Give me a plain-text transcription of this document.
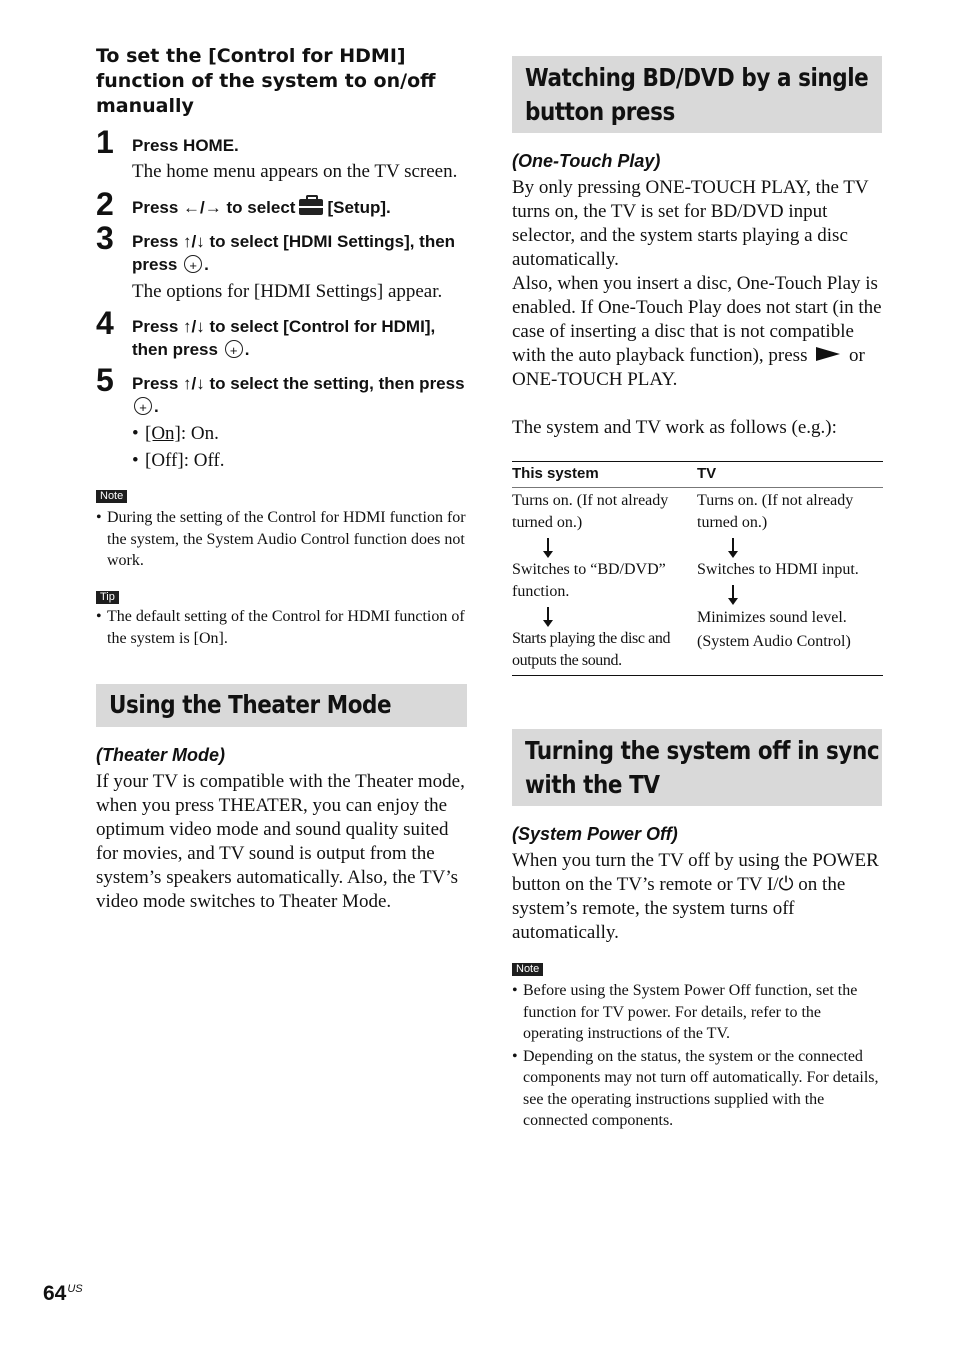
To set the [Control for HDMI] function of the system to on/off manually
1 Press HOME.
The home menu appears on the TV screen.
2 Press ←/→ to select [Setup].
3 Press ↑/↓ to select [HDMI Settings], then press + .
The options for [HDMI Settings] appear.
4 Press ↑/↓ to select [Control for HDMI], then press + .
5 Press ↑/↓ to select the setting, then press +.
• [On]: On.
• [Off]: Off.
Note
• During the setting of the Control for HDMI function for the system, the System Audio Control function does not work.
Tip
• The default setting of the Control for HDMI function of the system is [On].
Using the Theater Mode
(Theater Mode)
If your TV is compatible with the Theater mode, when you press THEATER, you can enjoy the optimum video mode and sound quality suited for movies, and TV sound is output from the system’s speakers automatically. Also, the TV’s video mode switches to Theater Mode.
Watching BD/DVD by a single button press
(One-Touch Play)
By only pressing ONE-TOUCH PLAY, the TV turns on, the TV is set for BD/DVD input selector, and the system starts playing a disc automatically.
Also, when you insert a disc, One-Touch Play is enabled. If One-Touch Play does not start (in the case of inserting a disc that is not compatible with the auto playback function), press or ONE-TOUCH PLAY.
The system and TV work as follows (e.g.):
This system	TV
Turns on. (If not already turned on.)
Switches to “BD/DVD” function.
Starts playing the disc and outputs the sound.
Turns on. (If not already turned on.)
Switches to HDMI input.
Minimizes sound level.
(System Audio Control)
Turning the system off in sync with the TV
(System Power Off)
When you turn the TV off by using the POWER button on the TV’s remote or TV I/⏻ on the system’s remote, the system turns off automatically.
Note
• Before using the System Power Off function, set the function for TV power. For details, refer to the operating instructions of the TV.
• Depending on the status, the system or the connected components may not turn off automatically. For details, see the operating instructions supplied with the connected components.
$64^{US}$
